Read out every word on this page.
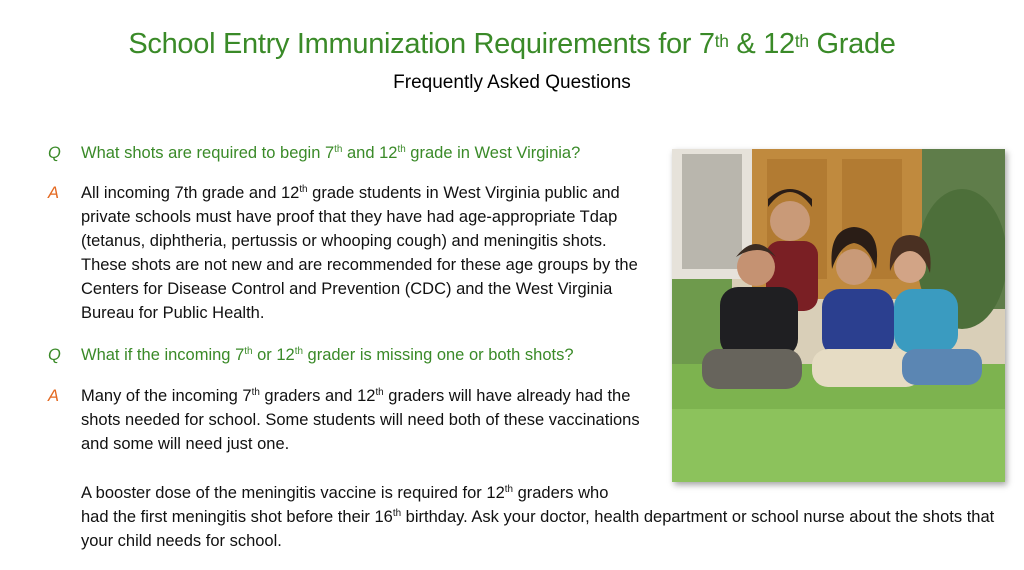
School Entry Immunization Requirements for 7th & 12th Grade
Frequently Asked Questions
Q	What shots are required to begin 7th and 12th grade in West Virginia?
A	All incoming 7th grade and 12th grade students in West Virginia public and private schools must have proof that they have had age-appropriate Tdap (tetanus, diphtheria, pertussis or whooping cough) and meningitis shots. These shots are not new and are recommended for these age groups by the Centers for Disease Control and Prevention (CDC) and the West Virginia Bureau for Public Health.
Q	What if the incoming 7th or 12th grader is missing one or both shots?
A	Many of the incoming 7th graders and 12th graders will have already had the shots needed for school. Some students will need both of these vaccinations and some will need just one.
A booster dose of the meningitis vaccine is required for 12th graders who
had the first meningitis shot before their 16th birthday. Ask your doctor, health department or school nurse about the shots that your child needs for school.
